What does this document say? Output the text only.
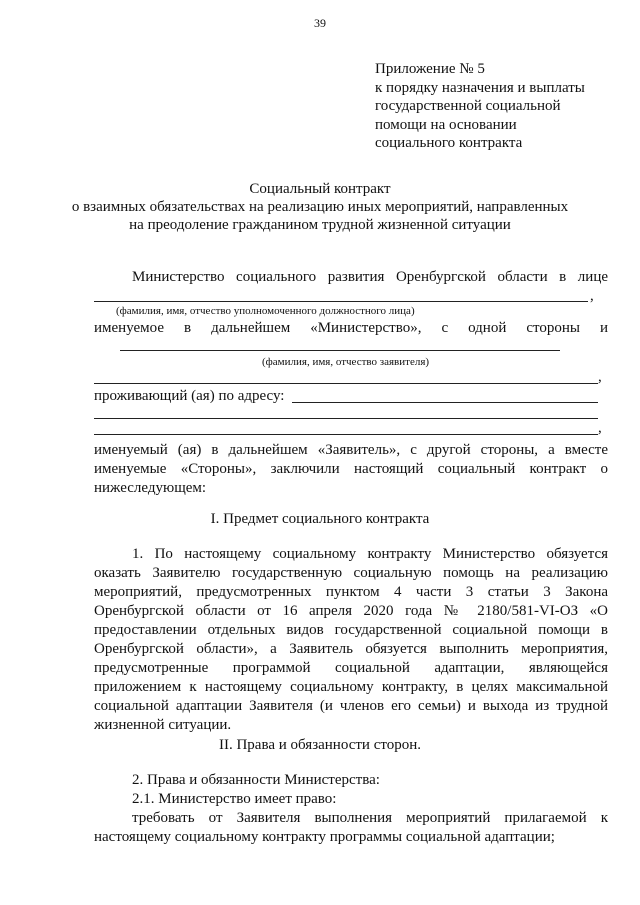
39
Приложение № 5
к порядку назначения и выплаты
государственной социальной
помощи на основании
социального контракта
Социальный контракт
о взаимных обязательствах на реализацию иных мероприятий, направленных
на преодоление гражданином трудной жизненной ситуации
Министерство социального развития Оренбургской области в лице
,
(фамилия, имя, отчество уполномоченного должностного лица)
именуемое в дальнейшем «Министерство», с одной стороны и
(фамилия, имя, отчество заявителя)
,
проживающий (ая) по адресу:
,
именуемый (ая) в дальнейшем «Заявитель», с другой стороны, а вместе
именуемые «Стороны», заключили настоящий социальный контракт о
нижеследующем:
I. Предмет социального контракта
1. По настоящему социальному контракту Министерство обязуется
оказать Заявителю государственную социальную помощь на реализацию
мероприятий, предусмотренных пунктом 4 части 3 статьи 3 Закона
Оренбургской области от 16 апреля 2020 года № 2180/581-VI-ОЗ «О
предоставлении отдельных видов государственной социальной помощи в
Оренбургской области», а Заявитель обязуется выполнить мероприятия,
предусмотренные программой социальной адаптации, являющейся
приложением к настоящему социальному контракту, в целях максимальной
социальной адаптации Заявителя (и членов его семьи) и выхода из трудной
жизненной ситуации.
II. Права и обязанности сторон.
2. Права и обязанности Министерства:
2.1. Министерство имеет право:
требовать от Заявителя выполнения мероприятий прилагаемой к
настоящему социальному контракту программы социальной адаптации;
